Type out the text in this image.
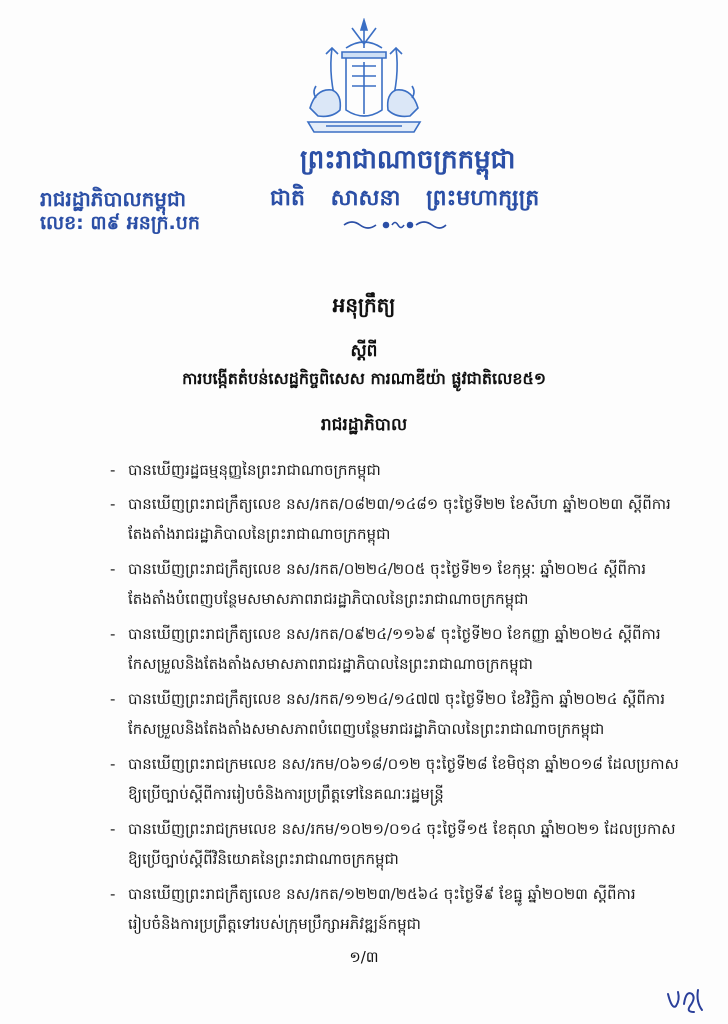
ព្រះរាជាណាចក្រកម្ពុជា
រាជរដ្ឋាភិបាលកម្ពុជា	ជាតិ សាសនា ព្រះមហាក្សត្រ
លេខ: ៣៩ អនក្រ.បក
អនុក្រឹត្យ
ស្តីពី
ការបង្កើតតំបន់សេដ្ឋកិច្ចពិសេស ការណាឌីយ៉ា ផ្លូវជាតិលេខ៥១
រាជរដ្ឋាភិបាល
- បានឃើញរដ្ឋធម្មនុញ្ញនៃព្រះរាជាណាចក្រកម្ពុជា
- បានឃើញព្រះរាជក្រឹត្យលេខ នស/រកត/០៨២៣/១៤៨១ ចុះថ្ងៃទី២២ ខែសីហា ឆ្នាំ២០២៣ ស្តីពីការ
តែងតាំងរាជរដ្ឋាភិបាលនៃព្រះរាជាណាចក្រកម្ពុជា
- បានឃើញព្រះរាជក្រឹត្យលេខ នស/រកត/០២២៤/២០៥ ចុះថ្ងៃទី២១ ខែកុម្ភៈ ឆ្នាំ២០២៤ ស្តីពីការ
តែងតាំងបំពេញបន្ថែមសមាសភាពរាជរដ្ឋាភិបាលនៃព្រះរាជាណាចក្រកម្ពុជា
- បានឃើញព្រះរាជក្រឹត្យលេខ នស/រកត/០៩២៤/១១៦៩ ចុះថ្ងៃទី២០ ខែកញ្ញា ឆ្នាំ២០២៤ ស្តីពីការ
កែសម្រួលនិងតែងតាំងសមាសភាពរាជរដ្ឋាភិបាលនៃព្រះរាជាណាចក្រកម្ពុជា
- បានឃើញព្រះរាជក្រឹត្យលេខ នស/រកត/១១២៤/១៤៧៧ ចុះថ្ងៃទី២០ ខែវិច្ឆិកា ឆ្នាំ២០២៤ ស្តីពីការ
កែសម្រួលនិងតែងតាំងសមាសភាពបំពេញបន្ថែមរាជរដ្ឋាភិបាលនៃព្រះរាជាណាចក្រកម្ពុជា
- បានឃើញព្រះរាជក្រមលេខ នស/រកម/០៦១៨/០១២ ចុះថ្ងៃទី២៨ ខែមិថុនា ឆ្នាំ២០១៨ ដែលប្រកាស
ឱ្យប្រើច្បាប់ស្តីពីការរៀបចំនិងការប្រព្រឹត្តទៅនៃគណៈរដ្ឋមន្ត្រី
- បានឃើញព្រះរាជក្រមលេខ នស/រកម/១០២១/០១៤ ចុះថ្ងៃទី១៥ ខែតុលា ឆ្នាំ២០២១ ដែលប្រកាស
ឱ្យប្រើច្បាប់ស្តីពីវិនិយោគនៃព្រះរាជាណាចក្រកម្ពុជា
- បានឃើញព្រះរាជក្រឹត្យលេខ នស/រកត/១២២៣/២៥៦៤ ចុះថ្ងៃទី៩ ខែធ្នូ ឆ្នាំ២០២៣ ស្តីពីការ
រៀបចំនិងការប្រព្រឹត្តទៅរបស់ក្រុមប្រឹក្សាអភិវឌ្ឍន៍កម្ពុជា
១/៣
